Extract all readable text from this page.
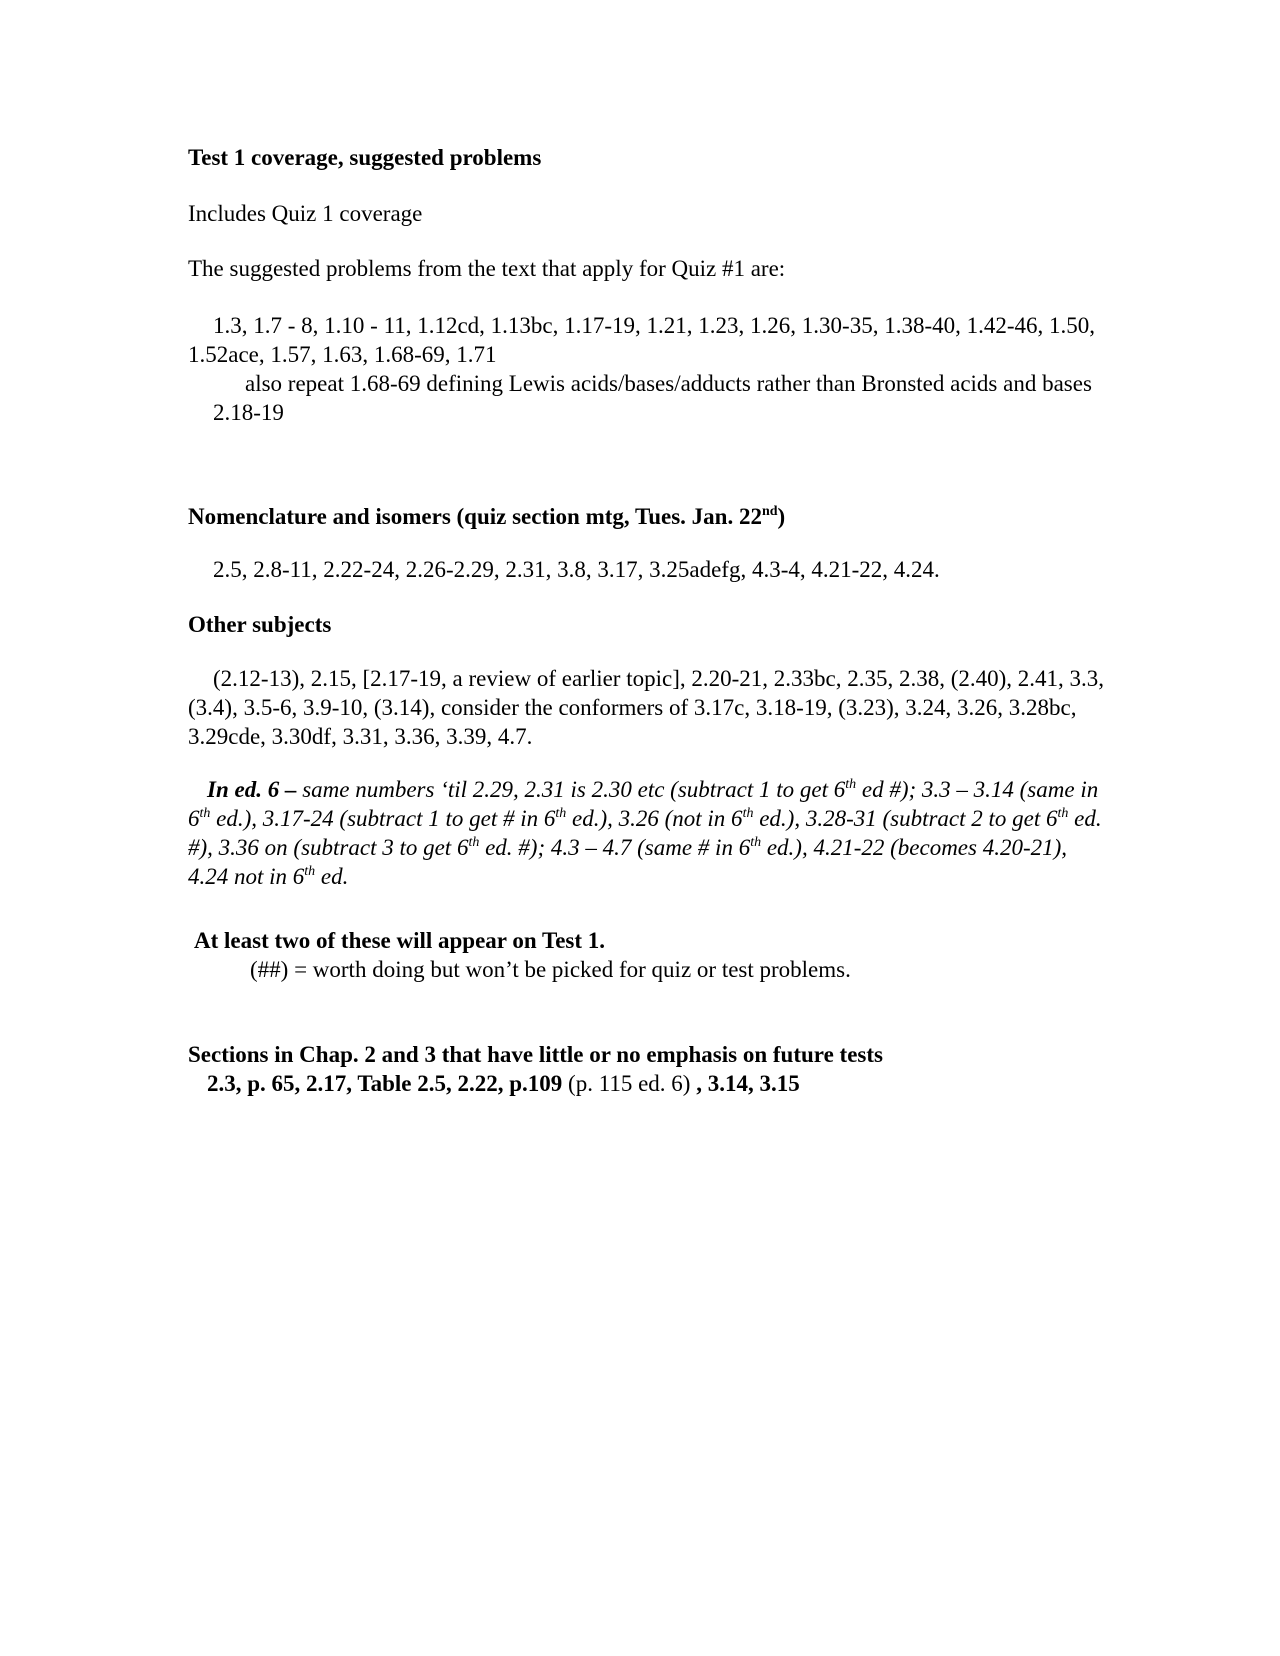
Test 1 coverage, suggested problems

Includes Quiz 1 coverage

The suggested problems from the text that apply for Quiz #1 are:

1.3, 1.7 - 8, 1.10 - 11, 1.12cd, 1.13bc, 1.17-19, 1.21, 1.23, 1.26, 1.30-35, 1.38-40, 1.42-46, 1.50, 1.52ace, 1.57, 1.63, 1.68-69, 1.71
also repeat 1.68-69 defining Lewis acids/bases/adducts rather than Bronsted acids and bases
2.18-19

Nomenclature and isomers (quiz section mtg, Tues. Jan. 22nd)

2.5, 2.8-11, 2.22-24, 2.26-2.29, 2.31, 3.8, 3.17, 3.25adefg, 4.3-4, 4.21-22, 4.24.

Other subjects

(2.12-13), 2.15, [2.17-19, a review of earlier topic], 2.20-21, 2.33bc, 2.35, 2.38, (2.40), 2.41, 3.3, (3.4), 3.5-6, 3.9-10, (3.14), consider the conformers of 3.17c, 3.18-19, (3.23), 3.24, 3.26, 3.28bc, 3.29cde, 3.30df, 3.31, 3.36, 3.39, 4.7.

In ed. 6 – same numbers ‘til 2.29, 2.31 is 2.30 etc (subtract 1 to get 6th ed #); 3.3 – 3.14 (same in 6th ed.), 3.17-24 (subtract 1 to get # in 6th ed.), 3.26 (not in 6th ed.), 3.28-31 (subtract 2 to get 6th ed. #), 3.36 on (subtract 3 to get 6th ed. #); 4.3 – 4.7 (same # in 6th ed.), 4.21-22 (becomes 4.20-21), 4.24 not in 6th ed.

At least two of these will appear on Test 1.
(##) = worth doing but won’t be picked for quiz or test problems.
Sections in Chap. 2 and 3 that have little or no emphasis on future tests
2.3, p. 65, 2.17, Table 2.5, 2.22, p.109 (p. 115 ed. 6) , 3.14, 3.15
